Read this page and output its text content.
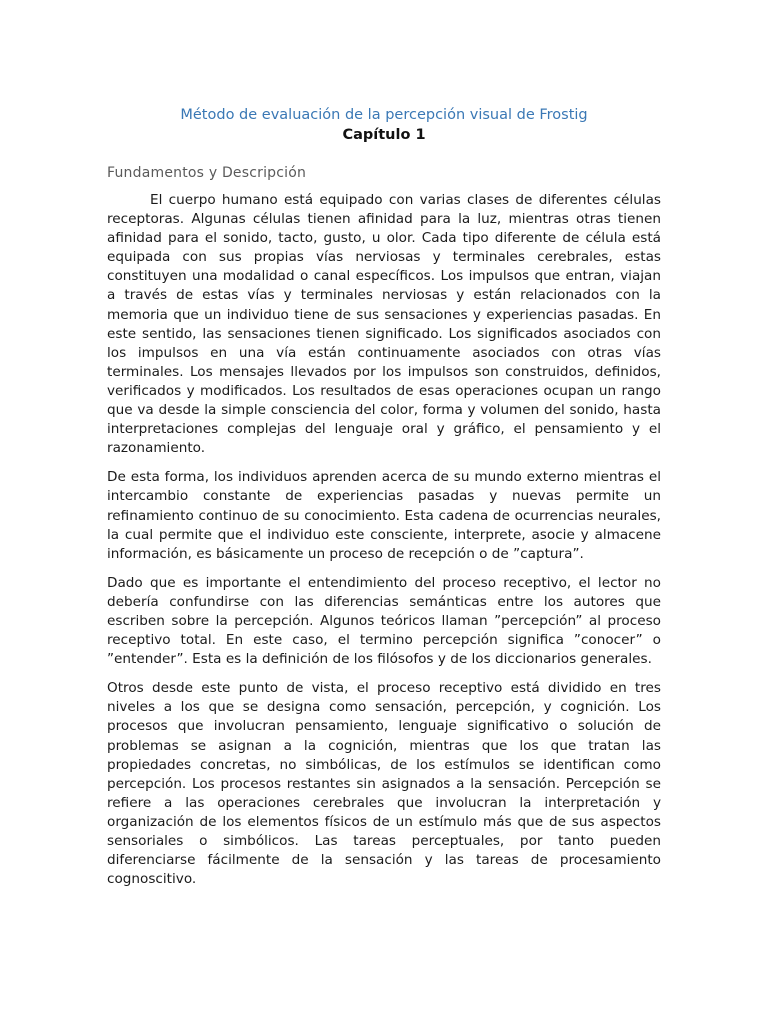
Método de evaluación de la percepción visual de Frostig
Capítulo 1
Fundamentos y Descripción

El cuerpo humano está equipado con varias clases de diferentes células receptoras. Algunas células tienen afinidad para la luz, mientras otras tienen afinidad para el sonido, tacto, gusto, u olor. Cada tipo diferente de célula está equipada con sus propias vías nerviosas y terminales cerebrales, estas constituyen una modalidad o canal específicos. Los impulsos que entran, viajan a través de estas vías y terminales nerviosas y están relacionados con la memoria que un individuo tiene de sus sensaciones y experiencias pasadas. En este sentido, las sensaciones tienen significado. Los significados asociados con los impulsos en una vía están continuamente asociados con otras vías terminales. Los mensajes llevados por los impulsos son construidos, definidos, verificados y modificados. Los resultados de esas operaciones ocupan un rango que va desde la simple consciencia del color, forma y volumen del sonido, hasta interpretaciones complejas del lenguaje oral y gráfico, el pensamiento y el razonamiento.

De esta forma, los individuos aprenden acerca de su mundo externo mientras el intercambio constante de experiencias pasadas y nuevas permite un refinamiento continuo de su conocimiento. Esta cadena de ocurrencias neurales, la cual permite que el individuo este consciente, interprete, asocie y almacene información, es básicamente un proceso de recepción o de ”captura”.

Dado que es importante el entendimiento del proceso receptivo, el lector no debería confundirse con las diferencias semánticas entre los autores que escriben sobre la percepción. Algunos teóricos llaman ”percepción” al proceso receptivo total. En este caso, el termino percepción significa ”conocer” o ”entender”. Esta es la definición de los filósofos y de los diccionarios generales.

Otros desde este punto de vista, el proceso receptivo está dividido en tres niveles a los que se designa como sensación, percepción, y cognición. Los procesos que involucran pensamiento, lenguaje significativo o solución de problemas se asignan a la cognición, mientras que los que tratan las propiedades concretas, no simbólicas, de los estímulos se identifican como percepción. Los procesos restantes sin asignados a la sensación. Percepción se refiere a las operaciones cerebrales que involucran la interpretación y organización de los elementos físicos de un estímulo más que de sus aspectos sensoriales o simbólicos. Las tareas perceptuales, por tanto pueden diferenciarse fácilmente de la sensación y las tareas de procesamiento cognoscitivo.
